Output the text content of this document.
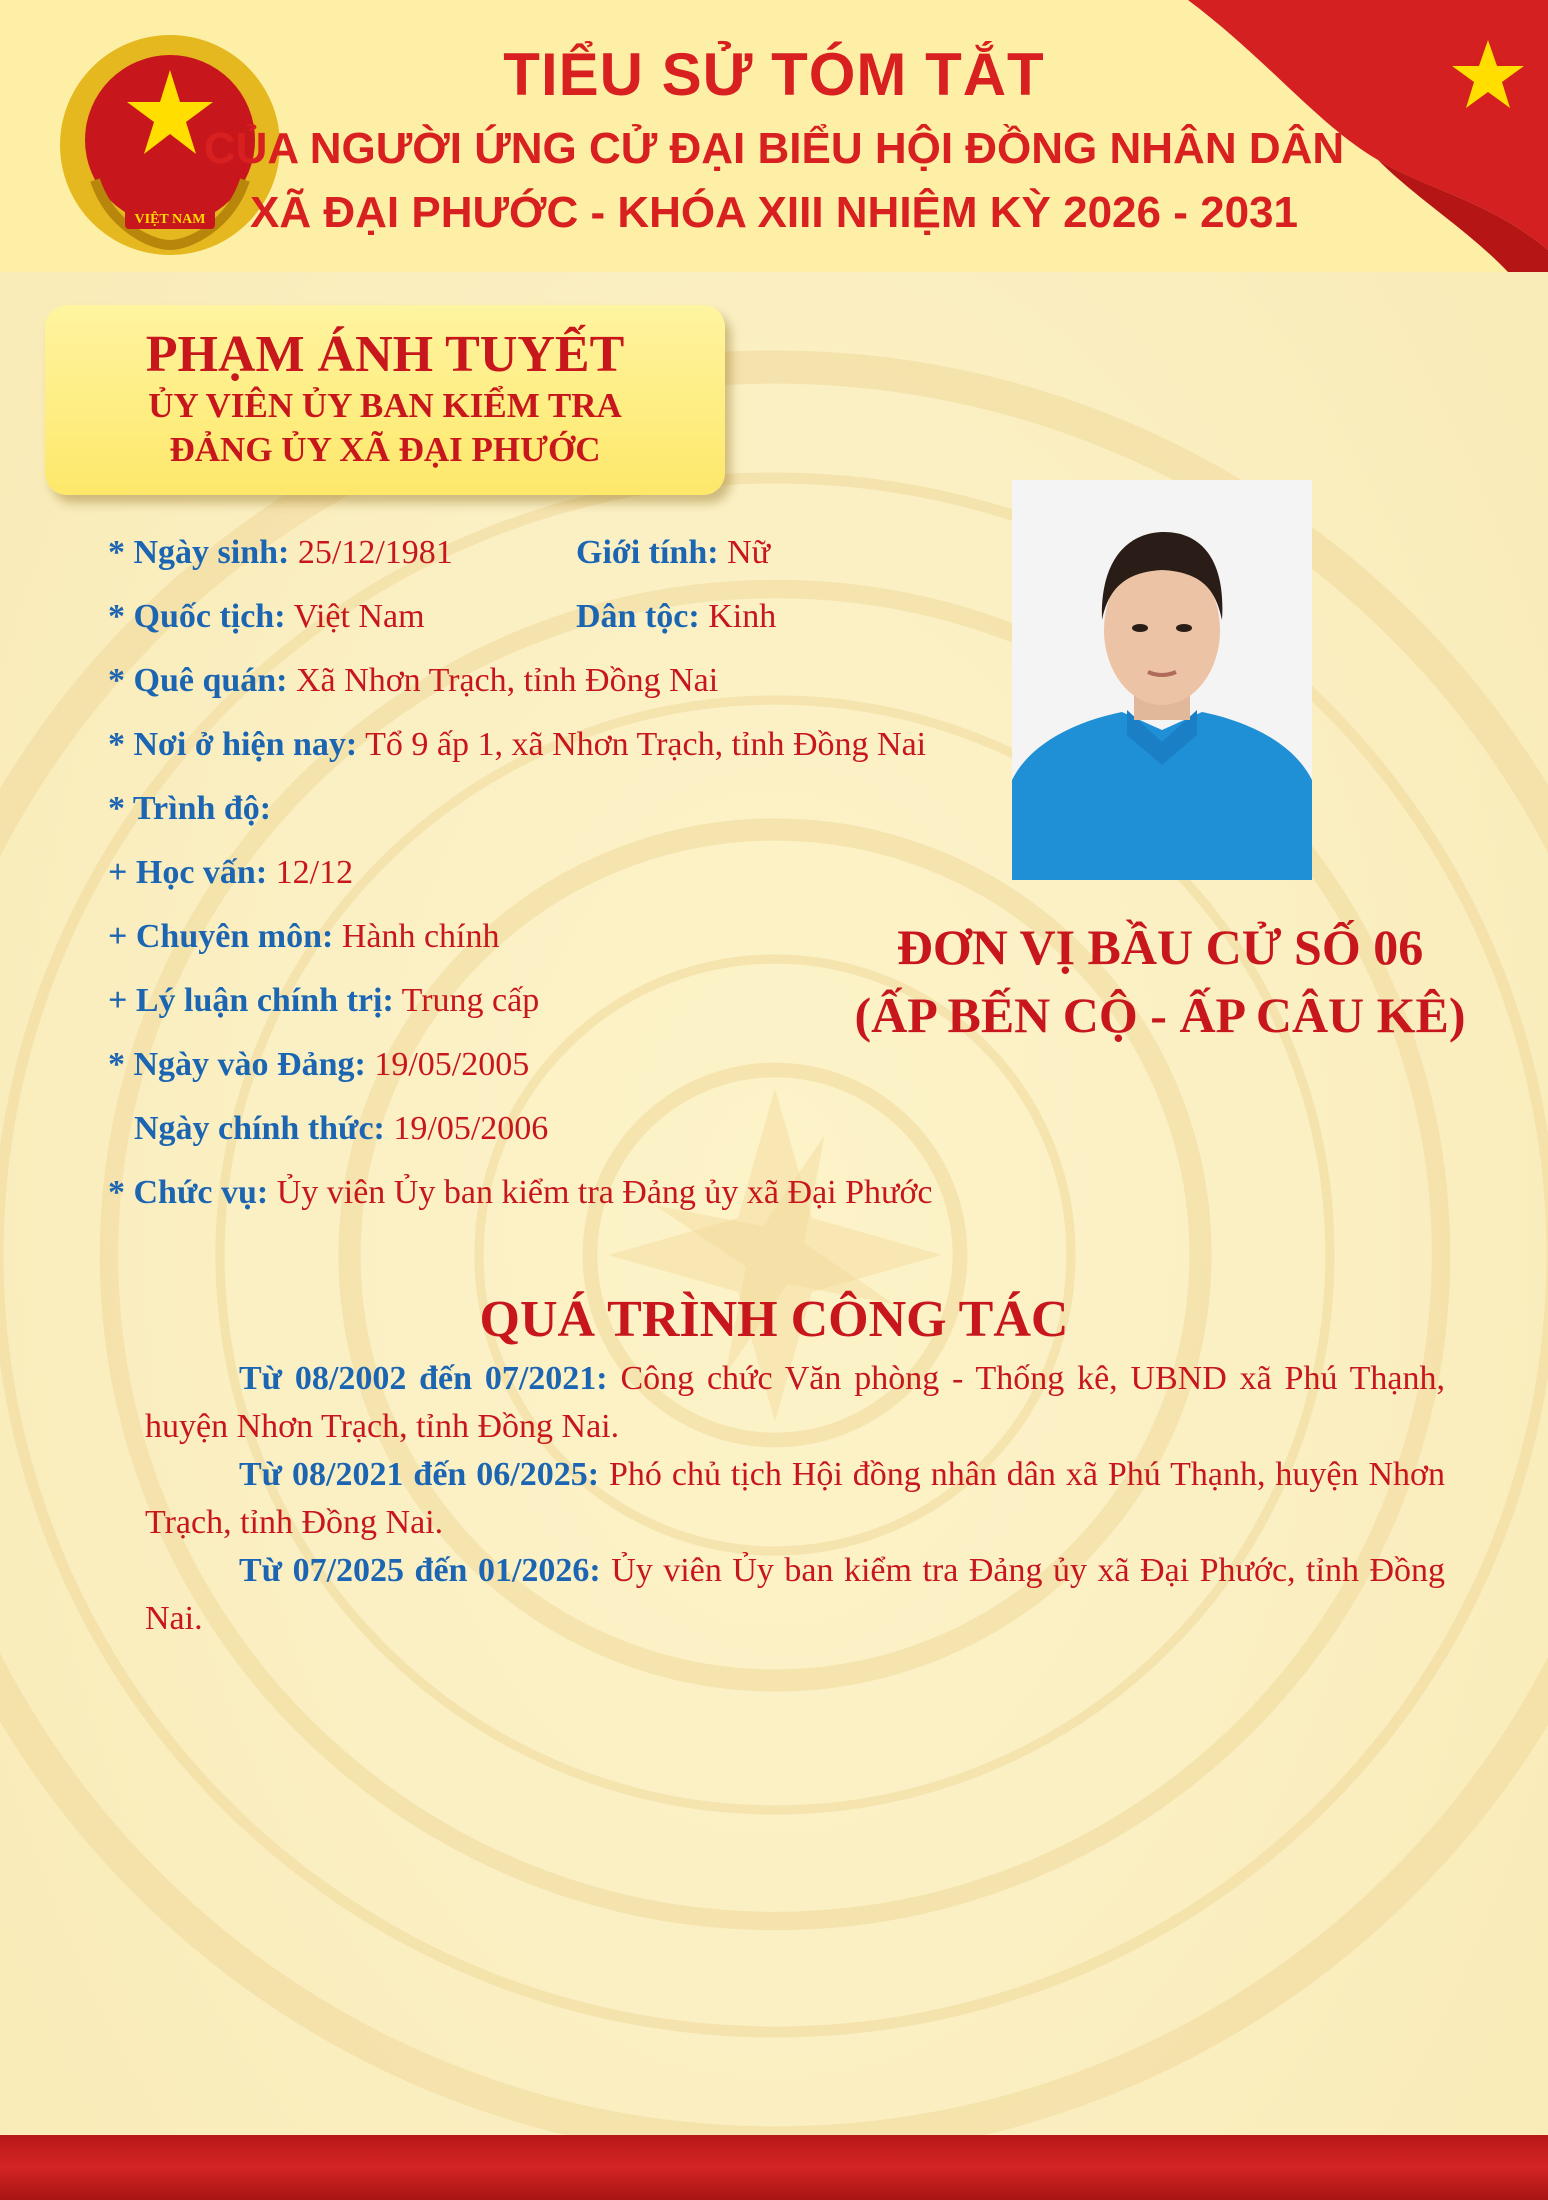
VIỆT NAM

TIỂU SỬ TÓM TẮT

CỦA NGƯỜI ỨNG CỬ ĐẠI BIỂU HỘI ĐỒNG NHÂN DÂN

XÃ ĐẠI PHƯỚC - KHÓA XIII NHIỆM KỲ 2026 - 2031

PHẠM ÁNH TUYẾT

ỦY VIÊN ỦY BAN KIỂM TRA

ĐẢNG ỦY XÃ ĐẠI PHƯỚC

* Ngày sinh: 25/12/1981	Giới tính: Nữ
* Quốc tịch: Việt Nam	Dân tộc: Kinh
* Quê quán: Xã Nhơn Trạch, tỉnh Đồng Nai
* Nơi ở hiện nay: Tổ 9 ấp 1, xã Nhơn Trạch, tỉnh Đồng Nai
* Trình độ:
+ Học vấn: 12/12
+ Chuyên môn: Hành chính
+ Lý luận chính trị: Trung cấp
* Ngày vào Đảng: 19/05/2005
Ngày chính thức: 19/05/2006
* Chức vụ: Ủy viên Ủy ban kiểm tra Đảng ủy xã Đại Phước

ĐƠN VỊ BẦU CỬ SỐ 06

(ẤP BẾN CỘ - ẤP CÂU KÊ)

QUÁ TRÌNH CÔNG TÁC

Từ 08/2002 đến 07/2021: Công chức Văn phòng - Thống kê, UBND xã Phú Thạnh, huyện Nhơn Trạch, tỉnh Đồng Nai.

Từ 08/2021 đến 06/2025: Phó chủ tịch Hội đồng nhân dân xã Phú Thạnh, huyện Nhơn Trạch, tỉnh Đồng Nai.

Từ 07/2025 đến 01/2026: Ủy viên Ủy ban kiểm tra Đảng ủy xã Đại Phước, tỉnh Đồng Nai.
